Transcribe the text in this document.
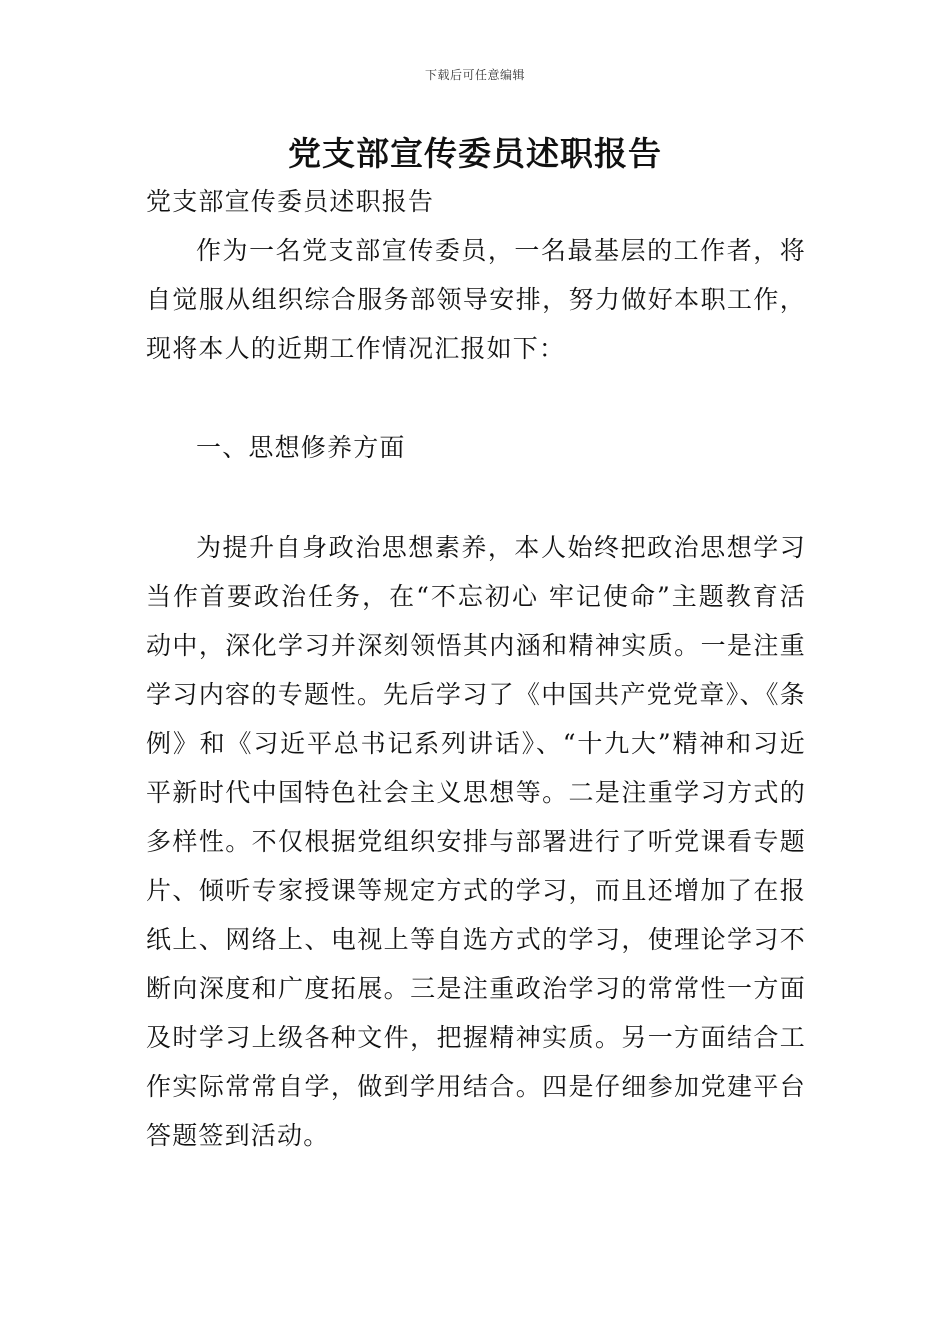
下载后可任意编辑
党支部宣传委员述职报告

党支部宣传委员述职报告

作为一名党支部宣传委员，一名最基层的工作者，将自觉服从组织综合服务部领导安排，努力做好本职工作，现将本人的近期工作情况汇报如下：

一、思想修养方面

为提升自身政治思想素养，本人始终把政治思想学习当作首要政治任务，在“不忘初心 牢记使命”主题教育活动中，深化学习并深刻领悟其内涵和精神实质。一是注重学习内容的专题性。先后学习了《中国共产党党章》、《条例》和《习近平总书记系列讲话》、“十九大”精神和习近平新时代中国特色社会主义思想等。二是注重学习方式的多样性。不仅根据党组织安排与部署进行了听党课看专题片、倾听专家授课等规定方式的学习，而且还增加了在报纸上、网络上、电视上等自选方式的学习，使理论学习不断向深度和广度拓展。三是注重政治学习的常常性一方面及时学习上级各种文件，把握精神实质。另一方面结合工作实际常常自学，做到学用结合。四是仔细参加党建平台答题签到活动。
